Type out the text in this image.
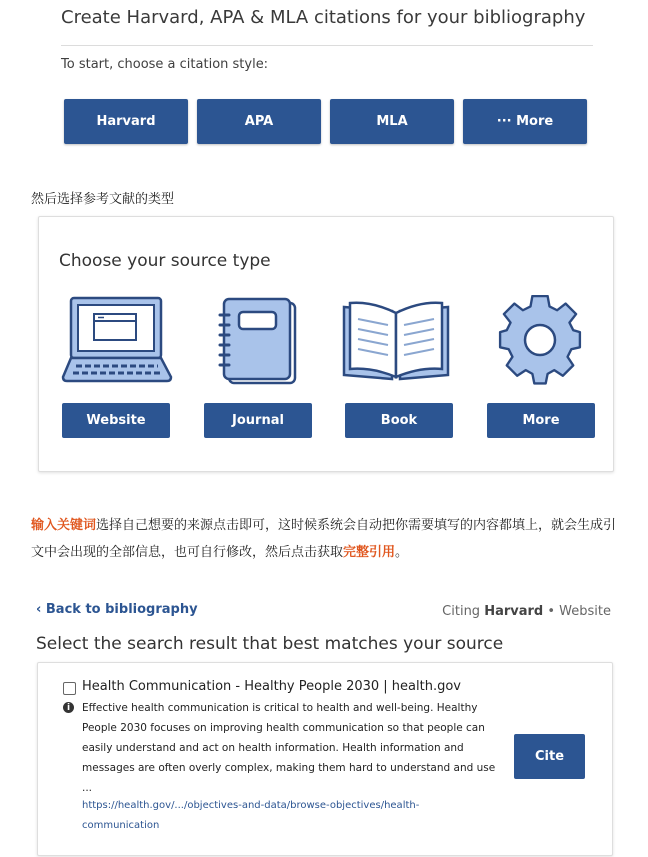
Create Harvard, APA & MLA citations for your bibliography
To start, choose a citation style:
Harvard	APA	MLA	··· More
然后选择参考文献的类型
Choose your source type
Website	Journal	Book	More
输入关键词选择自己想要的来源点击即可，这时候系统会自动把你需要填写的内容都填上，就会生成引文中会出现的全部信息，也可自行修改，然后点击获取完整引用。
‹ Back to bibliography	Citing Harvard • Website
Select the search result that best matches your source
Health Communication - Healthy People 2030 | health.gov
i	Effective health communication is critical to health and well-being. Healthy People 2030 focuses on improving health communication so that people can easily understand and act on health information. Health information and messages are often overly complex, making them hard to understand and use ...
https://health.gov/.../objectives-and-data/browse-objectives/health-communication
Cite
